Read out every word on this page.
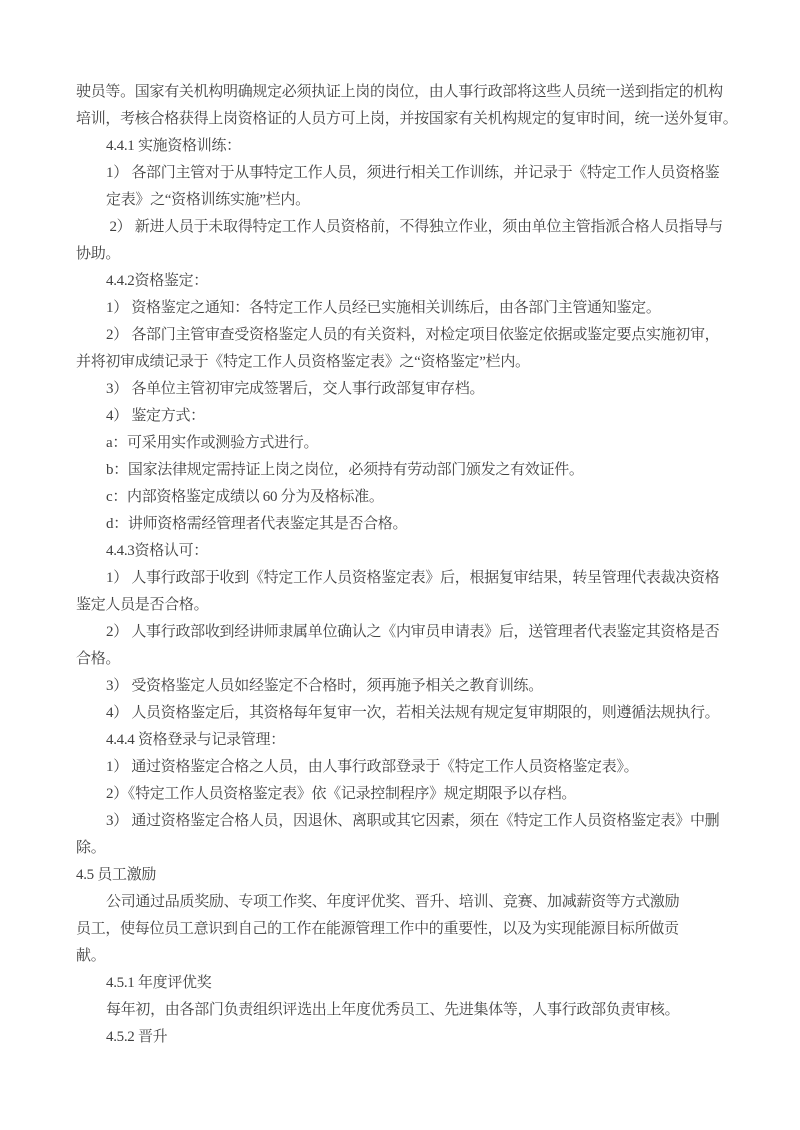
驶员等。国家有关机构明确规定必须执证上岗的岗位，由人事行政部将这些人员统一送到指定的机构
培训，考核合格获得上岗资格证的人员方可上岗，并按国家有关机构规定的复审时间，统一送外复审。
4.4.1 实施资格训练：
1） 各部门主管对于从事特定工作人员，须进行相关工作训练，并记录于《特定工作人员资格鉴
定表》之“资格训练实施”栏内。
2） 新进人员于未取得特定工作人员资格前，不得独立作业，须由单位主管指派合格人员指导与
协助。
4.4.2资格鉴定：
1） 资格鉴定之通知：各特定工作人员经已实施相关训练后，由各部门主管通知鉴定。
2） 各部门主管审查受资格鉴定人员的有关资料，对检定项目依鉴定依据或鉴定要点实施初审，
并将初审成绩记录于《特定工作人员资格鉴定表》之“资格鉴定”栏内。
3） 各单位主管初审完成签署后，交人事行政部复审存档。
4） 鉴定方式：
a：可采用实作或测验方式进行。
b：国家法律规定需持证上岗之岗位，必须持有劳动部门颁发之有效证件。
c：内部资格鉴定成绩以 60 分为及格标准。
d：讲师资格需经管理者代表鉴定其是否合格。
4.4.3资格认可：
1） 人事行政部于收到《特定工作人员资格鉴定表》后，根据复审结果，转呈管理代表裁决资格
鉴定人员是否合格。
2） 人事行政部收到经讲师隶属单位确认之《内审员申请表》后，送管理者代表鉴定其资格是否
合格。
3） 受资格鉴定人员如经鉴定不合格时，须再施予相关之教育训练。
4） 人员资格鉴定后，其资格每年复审一次，若相关法规有规定复审期限的，则遵循法规执行。
4.4.4 资格登录与记录管理：
1） 通过资格鉴定合格之人员，由人事行政部登录于《特定工作人员资格鉴定表》。
2）《特定工作人员资格鉴定表》依《记录控制程序》规定期限予以存档。
3） 通过资格鉴定合格人员，因退休、离职或其它因素，须在《特定工作人员资格鉴定表》中删
除。
4.5 员工激励
公司通过品质奖励、专项工作奖、年度评优奖、晋升、培训、竞赛、加减薪资等方式激励
员工，使每位员工意识到自己的工作在能源管理工作中的重要性，以及为实现能源目标所做贡
献。
4.5.1 年度评优奖
每年初，由各部门负责组织评选出上年度优秀员工、先进集体等，人事行政部负责审核。
4.5.2 晋升
